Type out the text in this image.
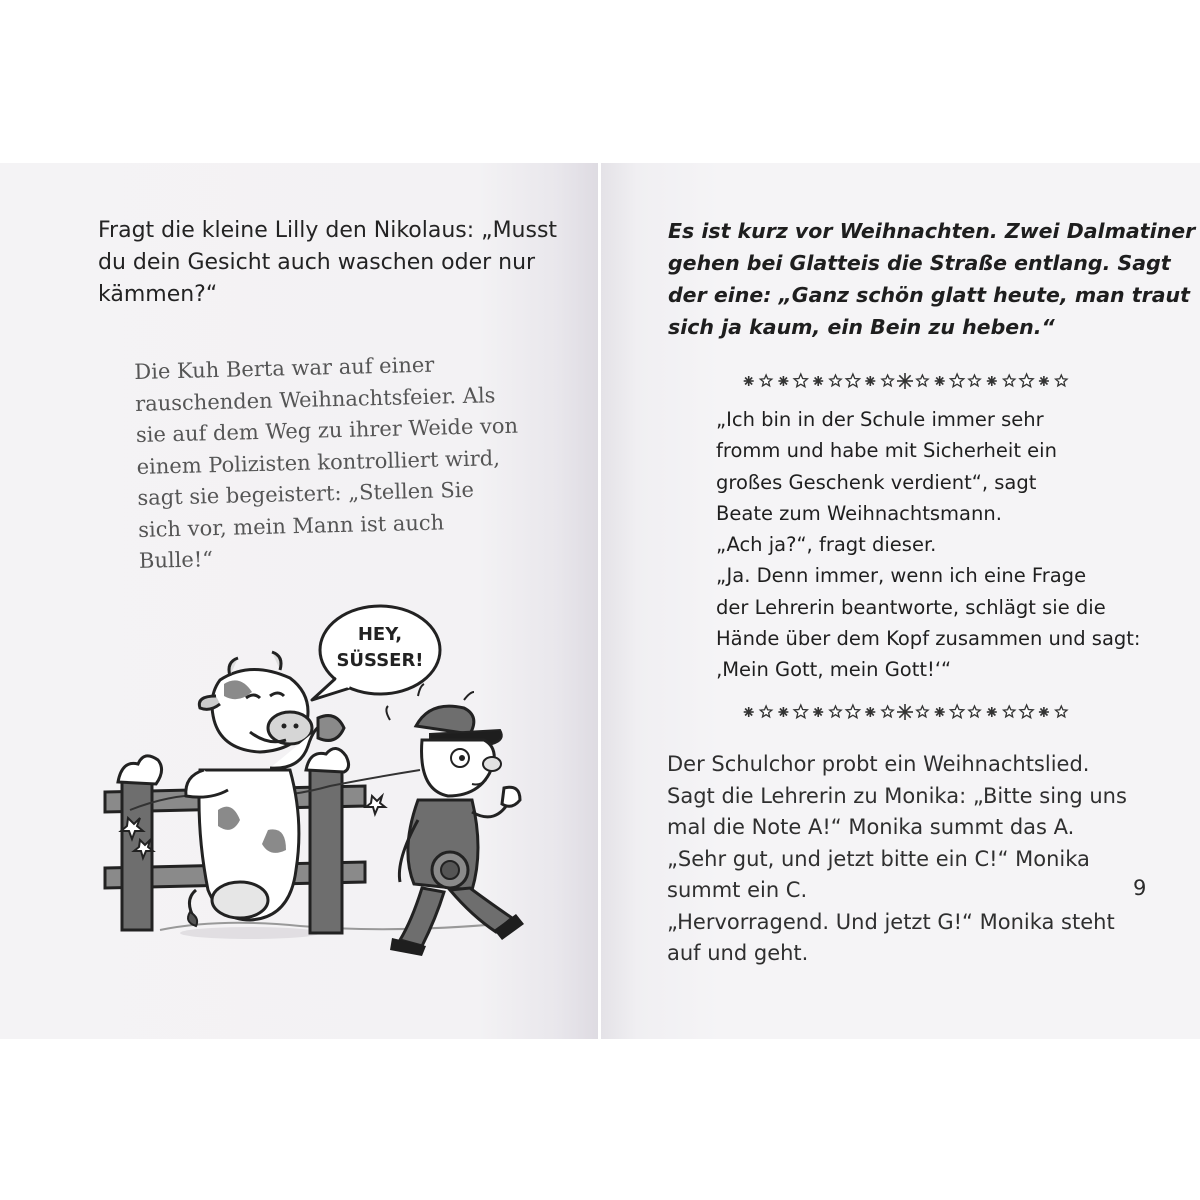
Fragt die kleine Lilly den Nikolaus: „Musst
du dein Gesicht auch waschen oder nur
kämmen?“

Die Kuh Berta war auf einer
rauschenden Weihnachtsfeier. Als
sie auf dem Weg zu ihrer Weide von
einem Polizisten kontrolliert wird,
sagt sie begeistert: „Stellen Sie
sich vor, mein Mann ist auch
Bulle!“

HEY,
SÜSSER!

Es ist kurz vor Weihnachten. Zwei Dalmatiner
gehen bei Glatteis die Straße entlang. Sagt
der eine: „Ganz schön glatt heute, man traut
sich ja kaum, ein Bein zu heben.“

„Ich bin in der Schule immer sehr
fromm und habe mit Sicherheit ein
großes Geschenk verdient“, sagt
Beate zum Weihnachtsmann.
„Ach ja?“, fragt dieser.
„Ja. Denn immer, wenn ich eine Frage
der Lehrerin beantworte, schlägt sie die
Hände über dem Kopf zusammen und sagt:
‚Mein Gott, mein Gott!‘“

Der Schulchor probt ein Weihnachtslied.
Sagt die Lehrerin zu Monika: „Bitte sing uns
mal die Note A!“ Monika summt das A.
„Sehr gut, und jetzt bitte ein C!“ Monika
summt ein C.
„Hervorragend. Und jetzt G!“ Monika steht
auf und geht.

9
